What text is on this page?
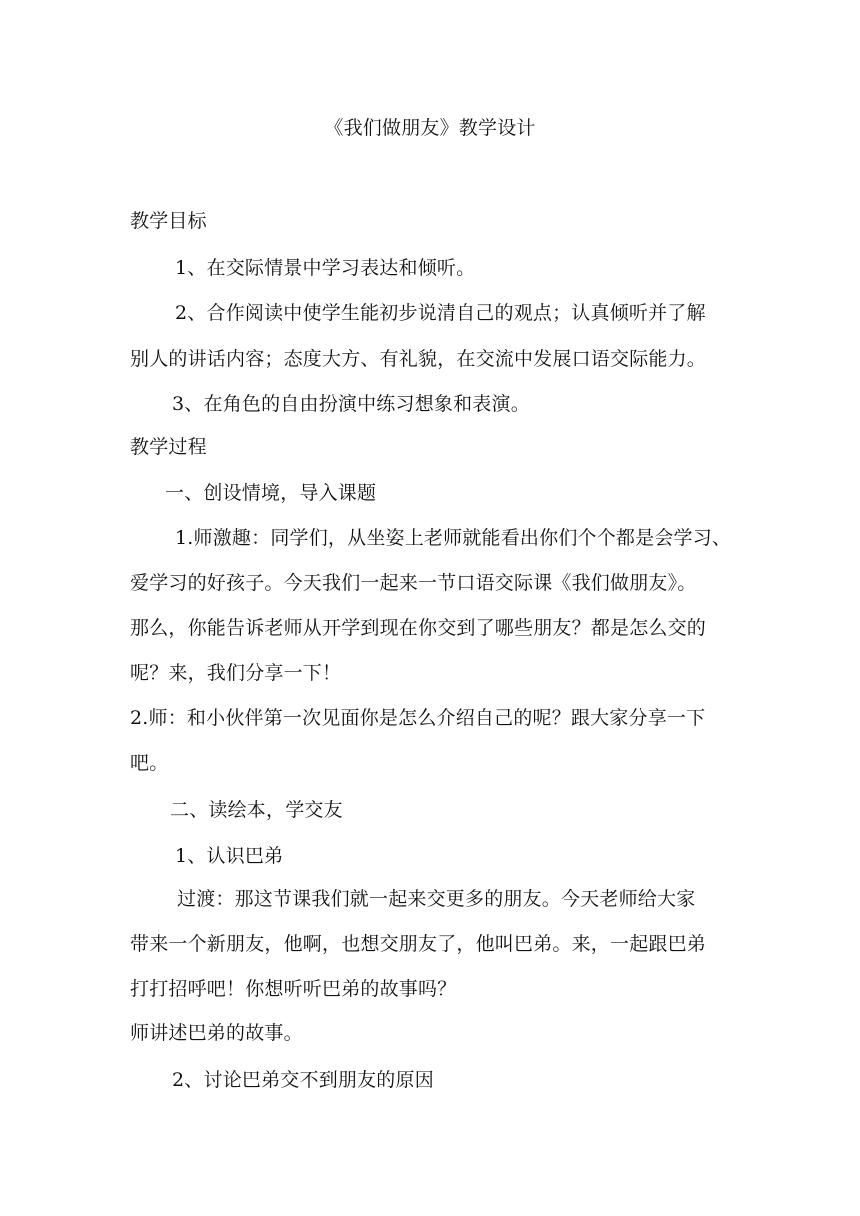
《我们做朋友》教学设计
教学目标
1、在交际情景中学习表达和倾听。
2、合作阅读中使学生能初步说清自己的观点；认真倾听并了解
别人的讲话内容；态度大方、有礼貌，在交流中发展口语交际能力。
3、在角色的自由扮演中练习想象和表演。
教学过程
一、创设情境，导入课题
1.师激趣：同学们，从坐姿上老师就能看出你们个个都是会学习、
爱学习的好孩子。今天我们一起来一节口语交际课《我们做朋友》。
那么，你能告诉老师从开学到现在你交到了哪些朋友？都是怎么交的
呢？来，我们分享一下！
2.师：和小伙伴第一次见面你是怎么介绍自己的呢？跟大家分享一下
吧。
二、读绘本，学交友
1、认识巴弟
过渡：那这节课我们就一起来交更多的朋友。今天老师给大家
带来一个新朋友，他啊，也想交朋友了，他叫巴弟。来，一起跟巴弟
打打招呼吧！你想听听巴弟的故事吗？
师讲述巴弟的故事。
2、讨论巴弟交不到朋友的原因
